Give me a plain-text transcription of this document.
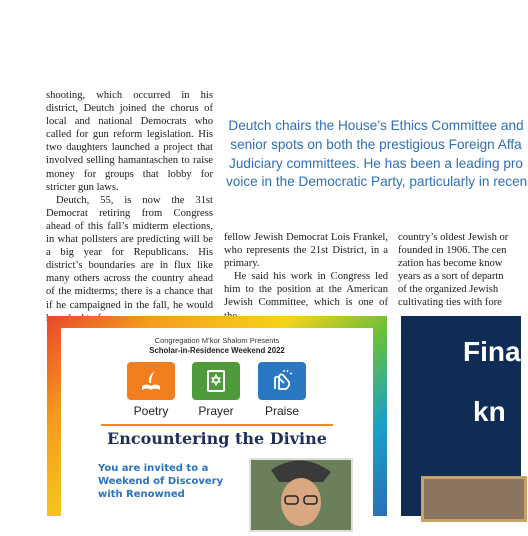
shooting, which occurred in his district, Deutch joined the chorus of local and national Democrats who called for gun reform legislation. His two daughters launched a project that involved selling hamantaschen to raise money for groups that lobby for stricter gun laws.

Deutch, 55, is now the 31st Democrat retiring from Congress ahead of this fall’s midterm elections, in what pollsters are predicting will be a big year for Republicans. His district’s boundaries are in flux like many others across the country ahead of the midterms; there is a chance that if he campaigned in the fall, he would

Deutch chairs the House’s Ethics Committee and
senior spots on both the prestigious Foreign Affa
Judiciary committees. He has been a leading pro
voice in the Democratic Party, particularly in recen

fellow Jewish Democrat Lois Frankel, who represents the 21st District, in a primary.

He said his work in Congress led him to the position at the American Jewish Committee, which is one of

country’s oldest Jewish or

founded in 1906. The cen

zation has become know

years as a sort of departn

of the organized Jewish

cultivating ties with fore

Congregation M’kor Shalom Presents
Scholar-in-Residence Weekend 2022
Poetry	Prayer	Praise
Encountering the Divine
You are invited to a
Weekend of Discovery
with Renowned
Fina
kn
